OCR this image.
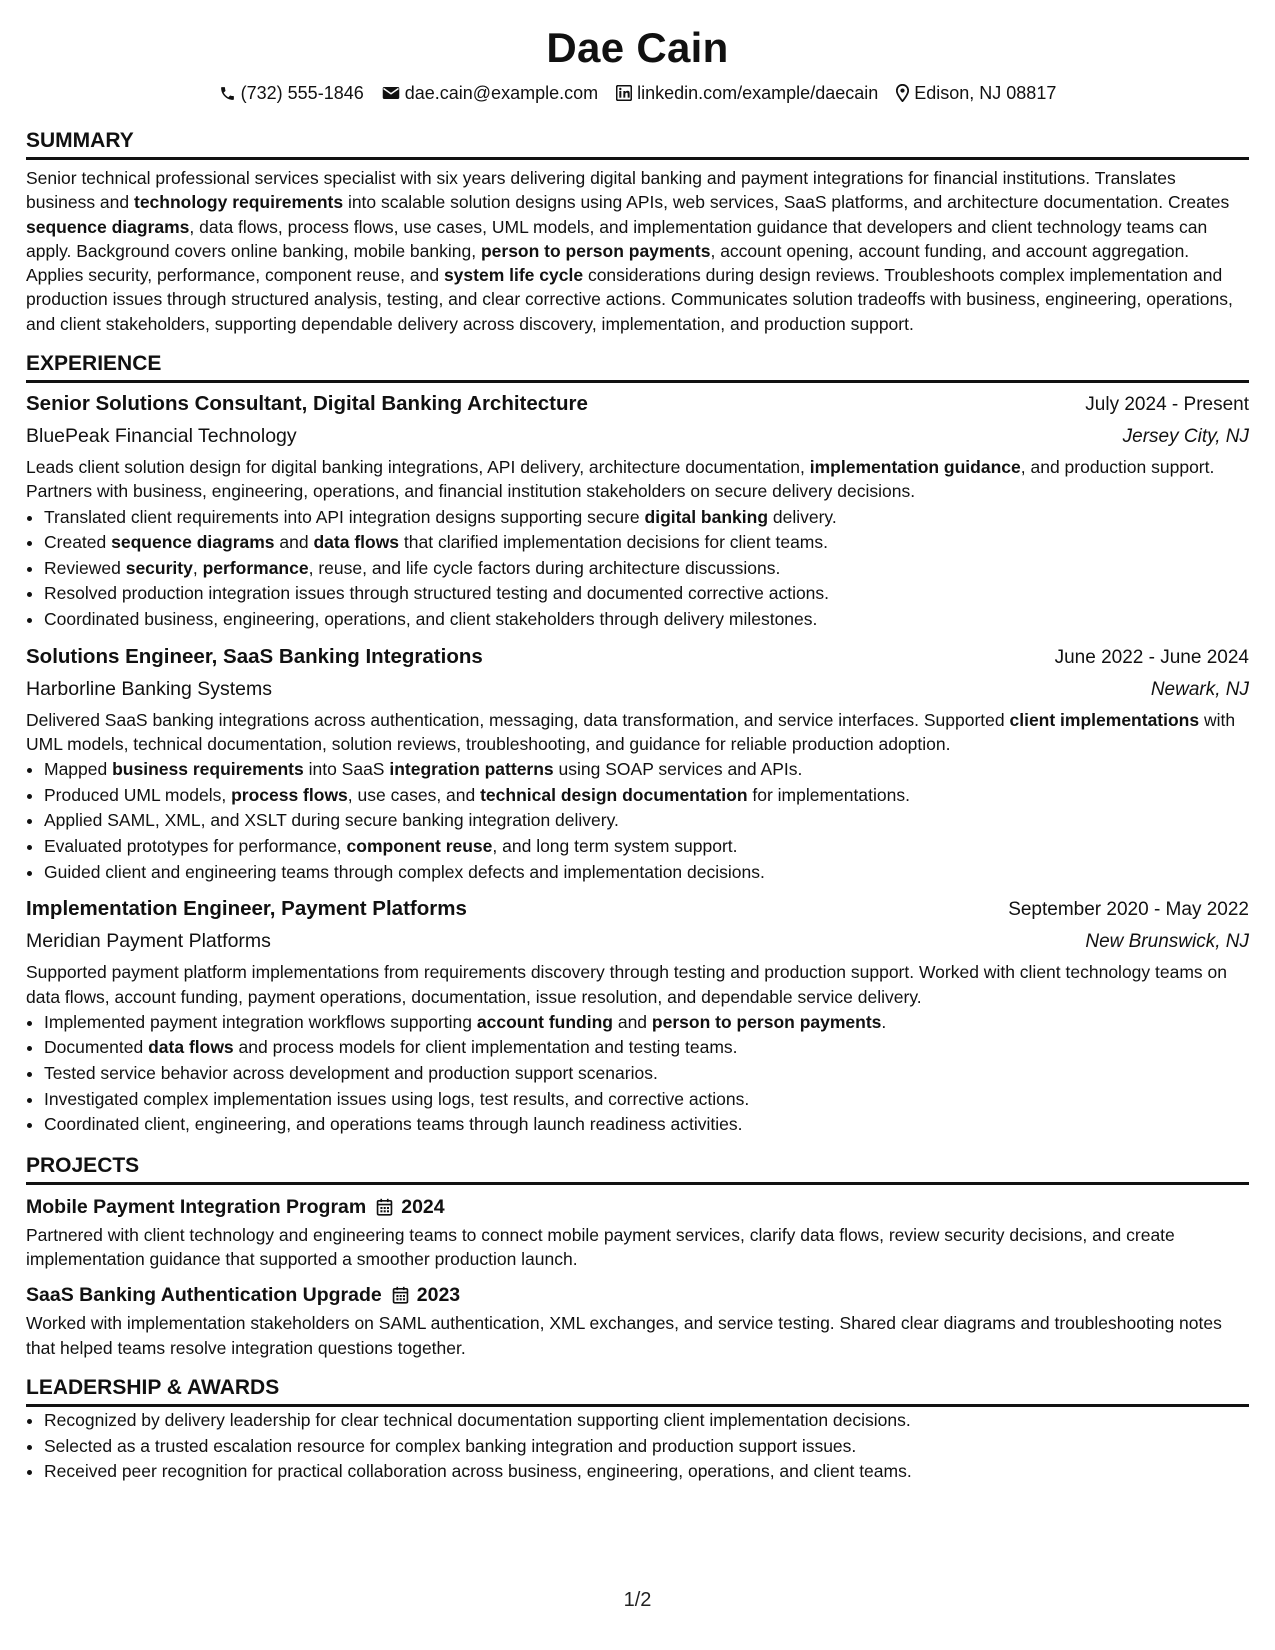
Dae Cain
(732) 555-1846 dae.cain@example.com linkedin.com/example/daecain Edison, NJ 08817
SUMMARY
Senior technical professional services specialist with six years delivering digital banking and payment integrations for financial institutions. Translates business and technology requirements into scalable solution designs using APIs, web services, SaaS platforms, and architecture documentation. Creates sequence diagrams, data flows, process flows, use cases, UML models, and implementation guidance that developers and client technology teams can apply. Background covers online banking, mobile banking, person to person payments, account opening, account funding, and account aggregation. Applies security, performance, component reuse, and system life cycle considerations during design reviews. Troubleshoots complex implementation and production issues through structured analysis, testing, and clear corrective actions. Communicates solution tradeoffs with business, engineering, operations, and client stakeholders, supporting dependable delivery across discovery, implementation, and production support.
EXPERIENCE
Senior Solutions Consultant, Digital Banking Architecture	July 2024 - Present
BluePeak Financial Technology	Jersey City, NJ
Leads client solution design for digital banking integrations, API delivery, architecture documentation, implementation guidance, and production support. Partners with business, engineering, operations, and financial institution stakeholders on secure delivery decisions.
• Translated client requirements into API integration designs supporting secure digital banking delivery.
• Created sequence diagrams and data flows that clarified implementation decisions for client teams.
• Reviewed security, performance, reuse, and life cycle factors during architecture discussions.
• Resolved production integration issues through structured testing and documented corrective actions.
• Coordinated business, engineering, operations, and client stakeholders through delivery milestones.
Solutions Engineer, SaaS Banking Integrations	June 2022 - June 2024
Harborline Banking Systems	Newark, NJ
Delivered SaaS banking integrations across authentication, messaging, data transformation, and service interfaces. Supported client implementations with UML models, technical documentation, solution reviews, troubleshooting, and guidance for reliable production adoption.
• Mapped business requirements into SaaS integration patterns using SOAP services and APIs.
• Produced UML models, process flows, use cases, and technical design documentation for implementations.
• Applied SAML, XML, and XSLT during secure banking integration delivery.
• Evaluated prototypes for performance, component reuse, and long term system support.
• Guided client and engineering teams through complex defects and implementation decisions.
Implementation Engineer, Payment Platforms	September 2020 - May 2022
Meridian Payment Platforms	New Brunswick, NJ
Supported payment platform implementations from requirements discovery through testing and production support. Worked with client technology teams on data flows, account funding, payment operations, documentation, issue resolution, and dependable service delivery.
• Implemented payment integration workflows supporting account funding and person to person payments.
• Documented data flows and process models for client implementation and testing teams.
• Tested service behavior across development and production support scenarios.
• Investigated complex implementation issues using logs, test results, and corrective actions.
• Coordinated client, engineering, and operations teams through launch readiness activities.
PROJECTS
Mobile Payment Integration Program 2024
Partnered with client technology and engineering teams to connect mobile payment services, clarify data flows, review security decisions, and create implementation guidance that supported a smoother production launch.
SaaS Banking Authentication Upgrade 2023
Worked with implementation stakeholders on SAML authentication, XML exchanges, and service testing. Shared clear diagrams and troubleshooting notes that helped teams resolve integration questions together.
LEADERSHIP & AWARDS
• Recognized by delivery leadership for clear technical documentation supporting client implementation decisions.
• Selected as a trusted escalation resource for complex banking integration and production support issues.
• Received peer recognition for practical collaboration across business, engineering, operations, and client teams.
1/2
